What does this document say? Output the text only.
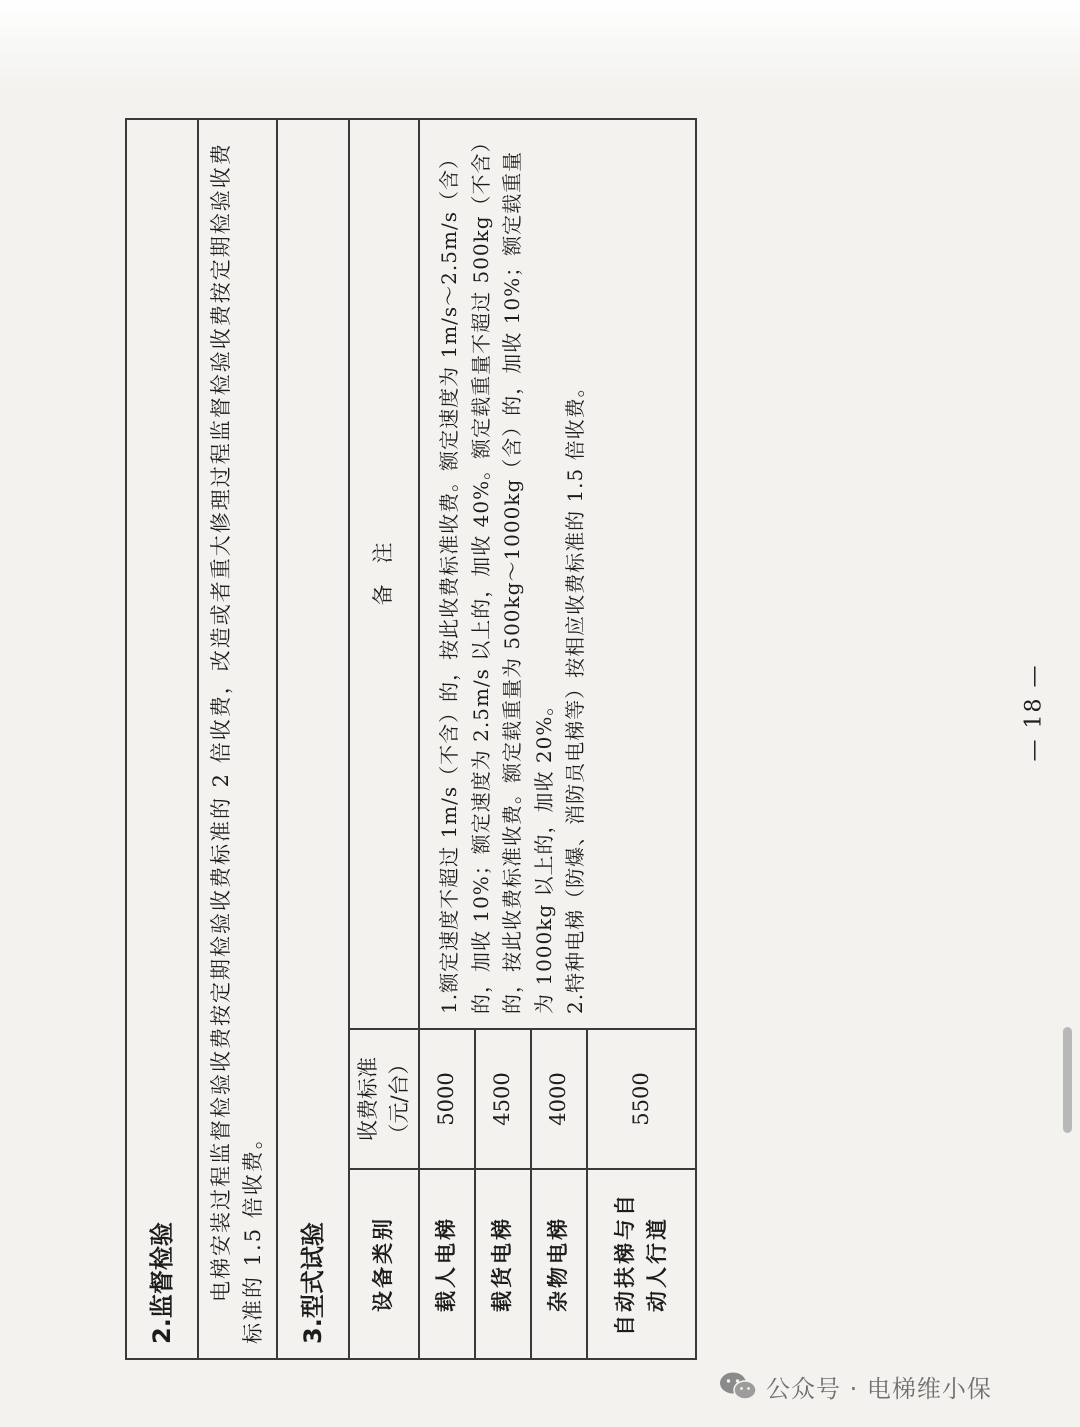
2.监督检验		
电梯安装过程监督检验收费按定期检验收费标准的 2 倍收费，改造或者重大修理过程监督检验收费按定期检验收费标准的 1.5 倍收费。		
3.型式试验		
设备类别	收费标准（元/台）	备　注
载人电梯	5000	1.额定速度不超过 1m/s（不含）的，按此收费标准收费。额定速度为 1m/s～2.5m/s（含）的，加收 10%；额定速度为 2.5m/s 以上的，加收 40%。额定载重量不超过 500kg（不含）的，按此收费标准收费。额定载重量为 500kg～1000kg（含）的，加收 10%；额定载重量为 1000kg 以上的，加收 20%。 2.特种电梯（防爆、消防员电梯等）按相应收费标准的 1.5 倍收费。

载货电梯	4500	
杂物电梯	4000	
自动扶梯与自动人行道	5500	
— 18 —
公众号 · 电梯维小保
